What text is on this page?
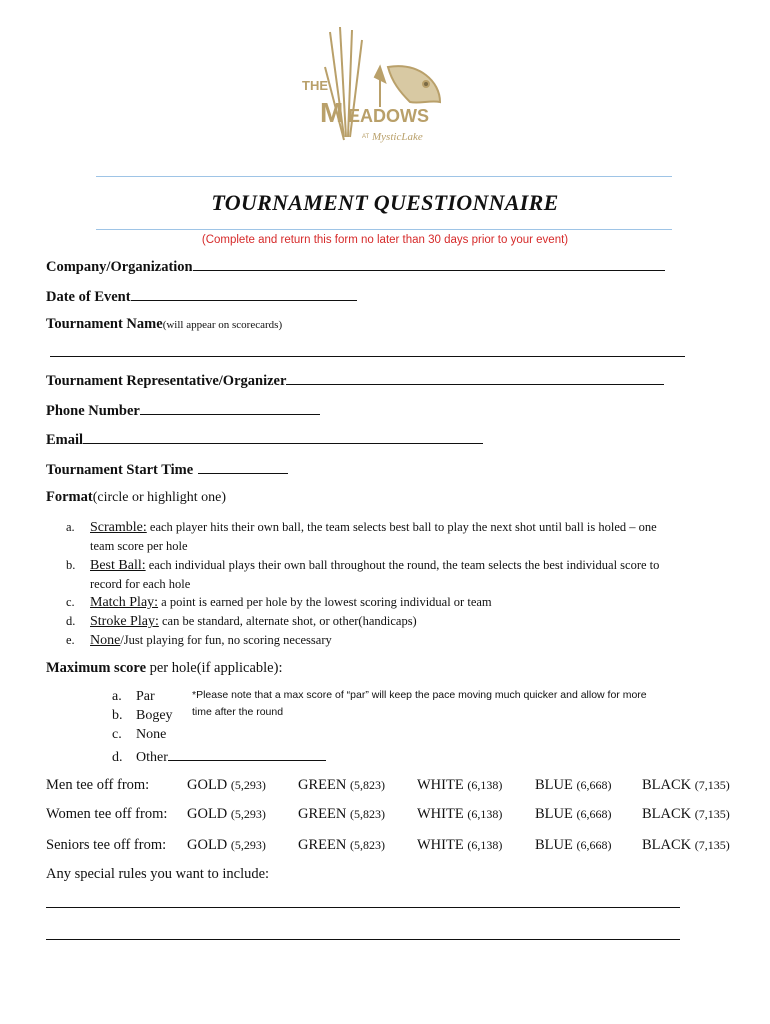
THE
M EADOWS
AT MysticLake
TOURNAMENT QUESTIONNAIRE
(Complete and return this form no later than 30 days prior to your event)
Company/Organization
Date of Event
Tournament Name(will appear on scorecards)
Tournament Representative/Organizer
Phone Number
Email
Tournament Start Time
Format(circle or highlight one)
a. Scramble: each player hits their own ball, the team selects best ball to play the next shot until ball is holed – one
team score per hole
b. Best Ball: each individual plays their own ball throughout the round, the team selects the best individual score to
record for each hole
c. Match Play: a point is earned per hole by the lowest scoring individual or team
d. Stroke Play: can be standard, alternate shot, or other(handicaps)
e. None/Just playing for fun, no scoring necessary
Maximum score per hole(if applicable):
a. Par
b. Bogey
c. None
d. Other
*Please note that a max score of “par” will keep the pace moving much quicker and allow for more
time after the round
Men tee off from:	GOLD (5,293) GREEN (5,823) WHITE (6,138) BLUE (6,668) BLACK (7,135)
Women tee off from: GOLD (5,293) GREEN (5,823) WHITE (6,138) BLUE (6,668) BLACK (7,135)
Seniors tee off from: GOLD (5,293) GREEN (5,823) WHITE (6,138) BLUE (6,668) BLACK (7,135)
Any special rules you want to include:
